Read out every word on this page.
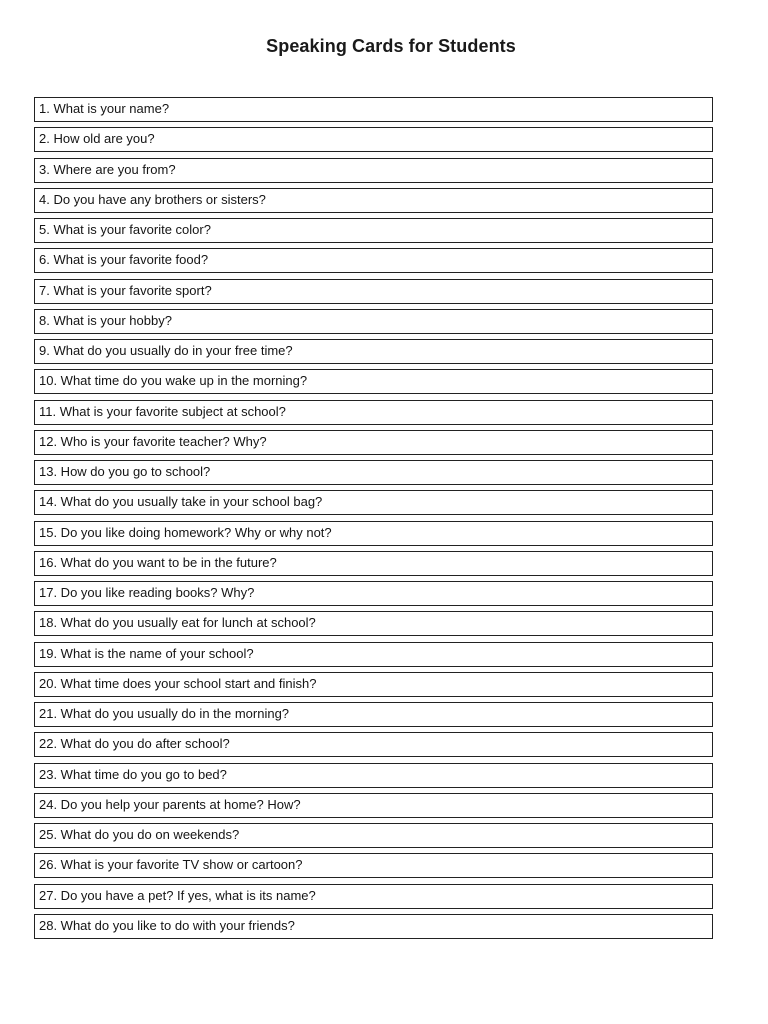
Speaking Cards for Students
1. What is your name?
2. How old are you?
3. Where are you from?
4. Do you have any brothers or sisters?
5. What is your favorite color?
6. What is your favorite food?
7. What is your favorite sport?
8. What is your hobby?
9. What do you usually do in your free time?
10. What time do you wake up in the morning?
11. What is your favorite subject at school?
12. Who is your favorite teacher? Why?
13. How do you go to school?
14. What do you usually take in your school bag?
15. Do you like doing homework? Why or why not?
16. What do you want to be in the future?
17. Do you like reading books? Why?
18. What do you usually eat for lunch at school?
19. What is the name of your school?
20. What time does your school start and finish?
21. What do you usually do in the morning?
22. What do you do after school?
23. What time do you go to bed?
24. Do you help your parents at home? How?
25. What do you do on weekends?
26. What is your favorite TV show or cartoon?
27. Do you have a pet? If yes, what is its name?
28. What do you like to do with your friends?
